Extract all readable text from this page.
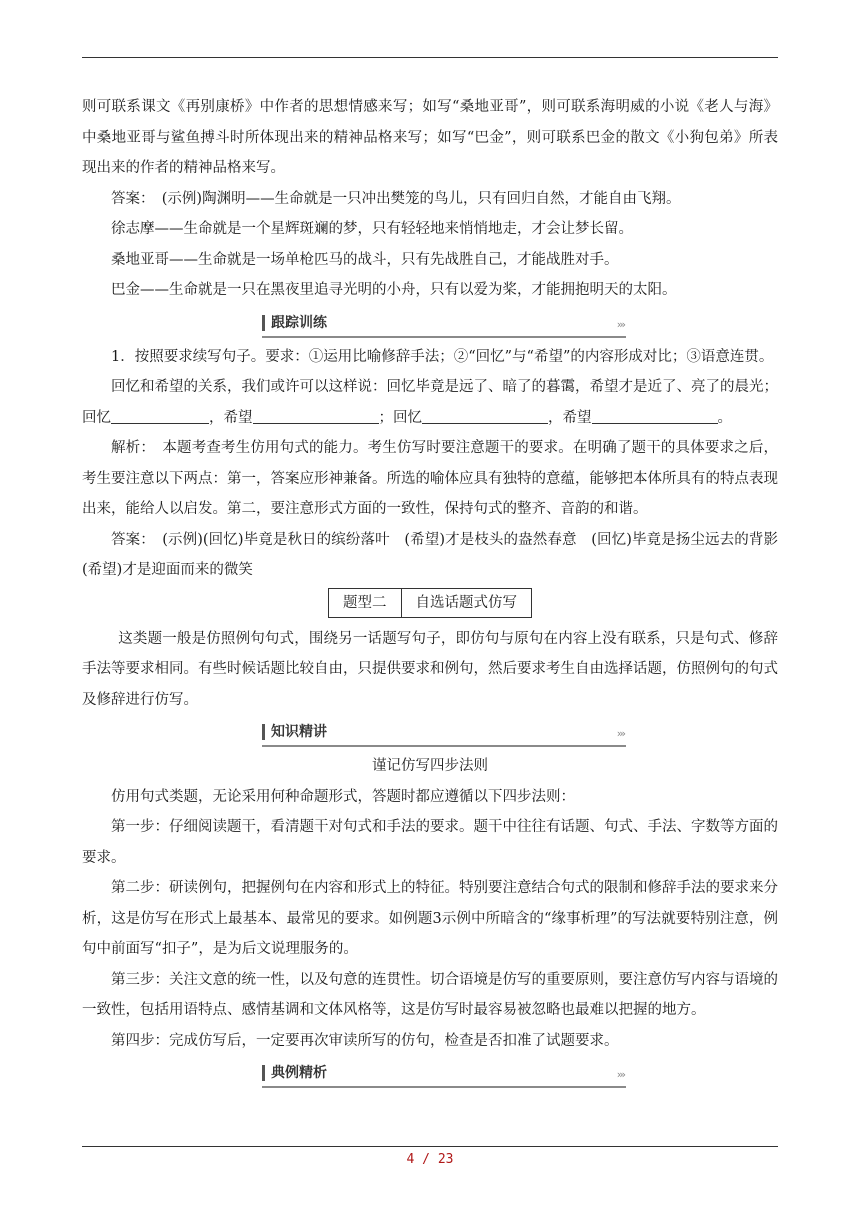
则可联系课文《再别康桥》中作者的思想情感来写；如写“桑地亚哥”，则可联系海明威的小说《老人与海》中桑地亚哥与鲨鱼搏斗时所体现出来的精神品格来写；如写“巴金”，则可联系巴金的散文《小狗包弟》所表现出来的作者的精神品格来写。

答案：　(示例)陶渊明——生命就是一只冲出樊笼的鸟儿，只有回归自然，才能自由飞翔。

徐志摩——生命就是一个星辉斑斓的梦，只有轻轻地来悄悄地走，才会让梦长留。

桑地亚哥——生命就是一场单枪匹马的战斗，只有先战胜自己，才能战胜对手。

巴金——生命就是一只在黑夜里追寻光明的小舟，只有以爱为桨，才能拥抱明天的太阳。

跟踪训练	›››

1．按照要求续写句子。要求：①运用比喻修辞手法；②“回忆”与“希望”的内容形成对比；③语意连贯。

回忆和希望的关系，我们或许可以这样说：回忆毕竟是远了、暗了的暮霭，希望才是近了、亮了的晨光；回忆	，希望	；回忆	，希望	。

解析：　本题考查考生仿用句式的能力。考生仿写时要注意题干的要求。在明确了题干的具体要求之后，考生要注意以下两点：第一，答案应形神兼备。所选的喻体应具有独特的意蕴，能够把本体所具有的特点表现出来，能给人以启发。第二，要注意形式方面的一致性，保持句式的整齐、音韵的和谐。

答案：　(示例)(回忆)毕竟是秋日的缤纷落叶　(希望)才是枝头的盎然春意　(回忆)毕竟是扬尘远去的背影　(希望)才是迎面而来的微笑

题型二	自选话题式仿写

这类题一般是仿照例句句式，围绕另一话题写句子，即仿句与原句在内容上没有联系，只是句式、修辞手法等要求相同。有些时候话题比较自由，只提供要求和例句，然后要求考生自由选择话题，仿照例句的句式及修辞进行仿写。

知识精讲	›››

谨记仿写四步法则

仿用句式类题，无论采用何种命题形式，答题时都应遵循以下四步法则：

第一步：仔细阅读题干，看清题干对句式和手法的要求。题干中往往有话题、句式、手法、字数等方面的要求。

第二步：研读例句，把握例句在内容和形式上的特征。特别要注意结合句式的限制和修辞手法的要求来分析，这是仿写在形式上最基本、最常见的要求。如例题3示例中所暗含的“缘事析理”的写法就要特别注意，例句中前面写“扣子”，是为后文说理服务的。

第三步：关注文意的统一性，以及句意的连贯性。切合语境是仿写的重要原则，要注意仿写内容与语境的一致性，包括用语特点、感情基调和文体风格等，这是仿写时最容易被忽略也最难以把握的地方。

第四步：完成仿写后，一定要再次审读所写的仿句，检查是否扣准了试题要求。

典例精析	›››
4 / 23
